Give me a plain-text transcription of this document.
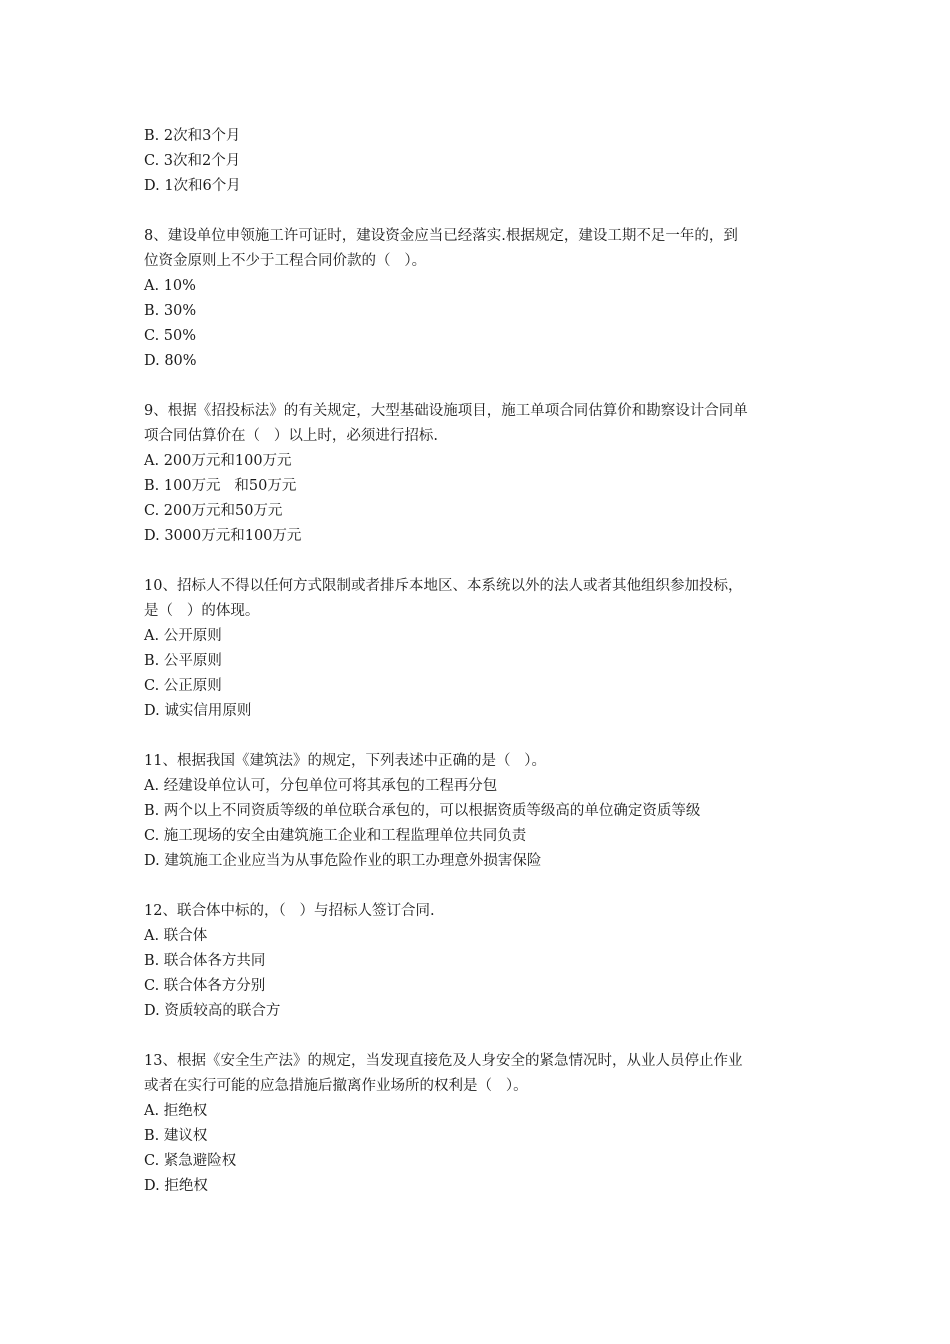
B. 2次和3个月

C. 3次和2个月

D. 1次和6个月

8、建设单位申领施工许可证时，建设资金应当已经落实.根据规定，建设工期不足一年的，到

位资金原则上不少于工程合同价款的（   ）。

A. 10%

B. 30%

C. 50%

D. 80%

9、根据《招投标法》的有关规定，大型基础设施项目，施工单项合同估算价和勘察设计合同单

项合同估算价在（   ）以上时，必须进行招标.

A. 200万元和100万元

B. 100万元   和50万元

C. 200万元和50万元

D. 3000万元和100万元

10、招标人不得以任何方式限制或者排斥本地区、本系统以外的法人或者其他组织参加投标，

是（   ）的体现。

A. 公开原则

B. 公平原则

C. 公正原则

D. 诚实信用原则

11、根据我国《建筑法》的规定，下列表述中正确的是（   ）。

A. 经建设单位认可，分包单位可将其承包的工程再分包

B. 两个以上不同资质等级的单位联合承包的，可以根据资质等级高的单位确定资质等级

C. 施工现场的安全由建筑施工企业和工程监理单位共同负责

D. 建筑施工企业应当为从事危险作业的职工办理意外损害保险

12、联合体中标的，（   ）与招标人签订合同.

A. 联合体

B. 联合体各方共同

C. 联合体各方分别

D. 资质较高的联合方

13、根据《安全生产法》的规定，当发现直接危及人身安全的紧急情况时，从业人员停止作业

或者在实行可能的应急措施后撤离作业场所的权利是（   ）。

A. 拒绝权

B. 建议权

C. 紧急避险权

D. 拒绝权
